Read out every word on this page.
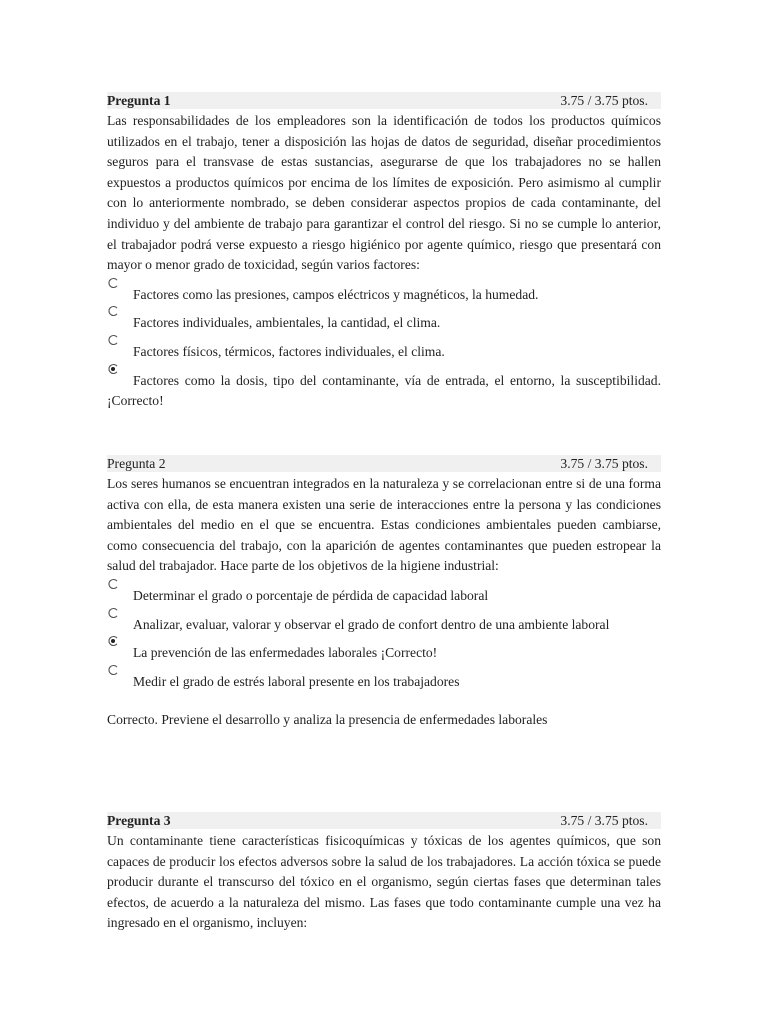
Pregunta 1	3.75 / 3.75 ptos.

Las responsabilidades de los empleadores son la identificación de todos los productos químicos utilizados en el trabajo, tener a disposición las hojas de datos de seguridad, diseñar procedimientos seguros para el transvase de estas sustancias, asegurarse de que los trabajadores no se hallen expuestos a productos químicos por encima de los límites de exposición. Pero asimismo al cumplir con lo anteriormente nombrado, se deben considerar aspectos propios de cada contaminante, del individuo y del ambiente de trabajo para garantizar el control del riesgo. Si no se cumple lo anterior, el trabajador podrá verse expuesto a riesgo higiénico por agente químico, riesgo que presentará con mayor o menor grado de toxicidad, según varios factores:

Factores como las presiones, campos eléctricos y magnéticos, la humedad.
Factores individuales, ambientales, la cantidad, el clima.
Factores físicos, térmicos, factores individuales, el clima.
Factores como la dosis, tipo del contaminante, vía de entrada, el entorno, la susceptibilidad. ¡Correcto!
Pregunta 2	3.75 / 3.75 ptos.

Los seres humanos se encuentran integrados en la naturaleza y se correlacionan entre si de una forma activa con ella, de esta manera existen una serie de interacciones entre la persona y las condiciones ambientales del medio en el que se encuentra. Estas condiciones ambientales pueden cambiarse, como consecuencia del trabajo, con la aparición de agentes contaminantes que pueden estropear la salud del trabajador. Hace parte de los objetivos de la higiene industrial:

Determinar el grado o porcentaje de pérdida de capacidad laboral
Analizar, evaluar, valorar y observar el grado de confort dentro de una ambiente laboral
La prevención de las enfermedades laborales ¡Correcto!
Medir el grado de estrés laboral presente en los trabajadores

Correcto. Previene el desarrollo y analiza la presencia de enfermedades laborales

Pregunta 3	3.75 / 3.75 ptos.

Un contaminante tiene características fisicoquímicas y tóxicas de los agentes químicos, que son capaces de producir los efectos adversos sobre la salud de los trabajadores. La acción tóxica se puede producir durante el transcurso del tóxico en el organismo, según ciertas fases que determinan tales efectos, de acuerdo a la naturaleza del mismo. Las fases que todo contaminante cumple una vez ha ingresado en el organismo, incluyen:
